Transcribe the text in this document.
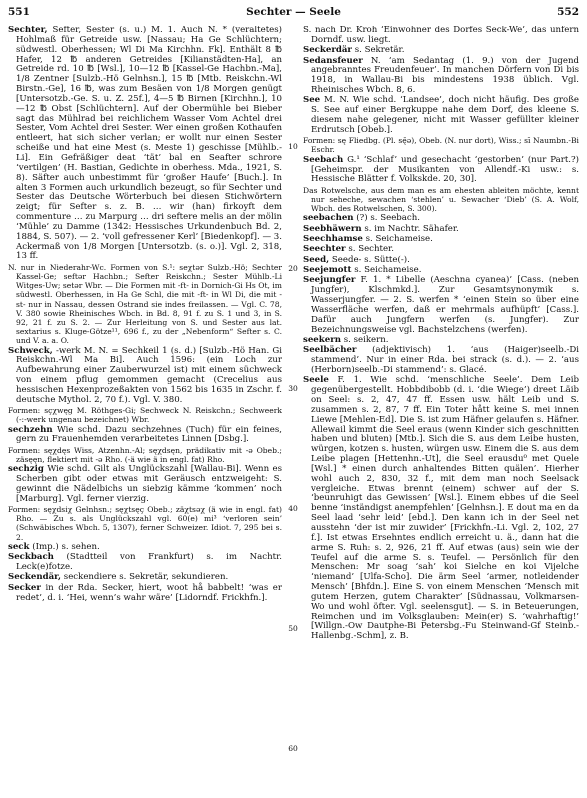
551	Sechter — Seele	552
Sechter, Sefter, Sester (s. u.) M. 1. Auch N. * (veraltetes) Hohlmaß für Getreide usw. [Nassau; Ha Ge Schlüchtern; südwestl. Oberhessen; Wl Di Ma Kirchhn. Fk]. Enthält 8 ℔ Hafer, 12 ℔ anderen Getreides [Kilianstädten-Ha], an Getreide rd. 10 ℔ [Wsl.], 10—12 ℔ [Kassel-Ge Hachbn.-Ma], 1/8 Zentner [Sulzb.-Hö Gelnhsn.], 15 ℔ [Mtb. Reiskchn.-Wl Birstn.-Ge], 16 ℔, was zum Besäen von 1/8 Morgen genügt [Untersotzb.-Ge. S. u. Z. 25f.], 4—5 ℔ Birnen [Kirchhn.], 10—12 ℔ Obst [Schlüchtern]. Auf der Obermühle bei Bieber sagt das Mühlrad bei reichlichem Wasser Vom Achtel drei Sester, Vom Achtel drei Sester. Wer einen großen Kothaufen entleert, hat sich sicher verlan; er wollt nur einen Sester scheiße und hat eine Mest (s. Meste 1) geschisse [Mühlb.-Li]. Ein Gefräßiger deat ‘tät’ bal en Seafter schrore ‘vertilgen’ (H. Bastian, Gedichte in oberhess. Mda., 1921, S. 8). Säfter auch unbestimmt für ‘großer Haufe’ [Buch.]. In alten 3 Formen auch urkundlich bezeugt, so für Sechter und Sester das Deutsche Wörterbuch bei diesen Stichwörtern zeigt; für Sefter s. z. B. … wir (han) firkoyft dem commenture … zu Marpurg … dri seftere melis an der mölin ‘Mühle’ zu Damme (1342: Hessisches Urkundenbuch Bd. 2, 1884, S. 507). — 2. ‘voll gefressener Kerl’ [Biedenkopf]. — 3. Ackermaß von 1/8 Morgen [Untersotzb. (s. o.)]. Vgl. 2, 318, 13 ff.
N. nur in Niederahr-Wc. Formen von S.¹: seχtər Sulzb.-Hö; Sechter Kassel-Ge; seftər Hachbn.; Sefter Reiskchn.; Sester Mühlb.-Li Witges-Uw; setər Wbr. — Die Formen mit -ft- in Dornich-Gi Hs Ot, im südwestl. Oberhessen, in Ha Ge Schl, die mit -ft- in Wl Di, die mit -st- nur in Nassau, dessen Ostrand sie indes freilassen. — Vgl. C. 78, V. 380 sowie Rheinisches Wbch. in Bd. 8, 91 f. zu S. 1 und 3, in S. 92, 21 f. zu S. 2. — Zur Herleitung von S. und Sester aus lat. sextarius s. Kluge-Götze¹¹, 696 f., zu der „Nebenform“ Sefter s. C. und V. a. a. O.
Schweck, -werk M. N. = Sechkeil 1 (s. d.) [Sulzb.-Hö Han. Gi Reiskchn.-Wl Ma Bi]. Auch 1596: (ein Loch zur Aufbewahrung einer Zauberwurzel ist) mit einem süchweck von einem pflug gemommen gemacht (Crecelius aus hessischen Hexenprozeßakten von 1562 bis 1635 in Zschr. f. deutsche Mythol. 2, 70 f.). Vgl. V. 380.
Formen: sçχwęg M. Röthges-Gi; Sechweck N. Reiskchn.; Sechweerk (-:-werk ungenau bezeichnet) Wbr.
sechzehn Wie schd. Dazu sechzehnes (Tuch) für ein feines, gern zu Frauenhemden verarbeitetes Linnen [Dsbg.].
Formen: sęχdęs Wiss, Atzenhn.-Al; sęχdsęn, prädikativ mit -ə Obeb.; zäsęęn, flektiert mit -ə Rho. (-ä wie ä in engl. fat) Rho.
sechzig Wie schd. Gilt als Unglückszahl [Wallau-Bi]. Wenn es Scherben gibt oder etwas mit Geräusch entzweigeht: S. gewinnt die Nädelbichs un siebzig kämme ‘kommen’ noch [Marburg]. Vgl. ferner vierzig.
Formen: sęχdsiχ Gelnhsn.; sęχtsęç Obeb.; zäχtsəχ (ä wie in engl. fat) Rho. — Zu s. als Unglückszahl vgl. 60(e) mi³ ‘verloren sein’ (Schwäbisches Wbch. 5, 1307), ferner Schweizer. Idiot. 7, 295 bei s. 2.
seck (Imp.) s. sehen.
Seckbach (Stadtteil von Frankfurt) s. im Nachtr. Leck(e)fotze.
Seckendär, seckendiere s. Sekretär, sekundieren.
Secker in der Rda. Secker, hiert, woot hå babbelt! ‘was er redet’, d. i. ‘Hei, wenn’s wahr wäre’ [Lidorndf. Frickhfn.].
10
20
30
40
50
60
S. nach Dr. Kroh ‘Einwohner des Dorfes Seck-We’, das unfern Dorndf. usw. liegt.
Seckerdär s. Sekretär.
Sedansfeuer N. ‘am Sedantag (1. 9.) von der Jugend angebranntes Freudenfeuer’. In manchen Dörfern von Di bis 1918, in Wallau-Bi bis mindestens 1938 üblich. Vgl. Rheinisches Wbch. 8, 6.
See M. N. Wie schd. ‘Landsee’, doch nicht häufig. Des große S. See auf einer Bergkuppe nahe dem Dorf, des kleene S. diesem nahe gelegener, nicht mit Wasser gefüllter kleiner Erdrutsch [Obeb.].
Formen: sę Fliedbg. (Pl. sę̄ə), Obeb. (N. nur dort), Wiss.; sī Naumbn.-Bi Eschr.
Seebach G.¹ ‘Schlaf’ und gesechacht ‘gestorben’ (nur Part.?) [Geheimspr. der Musikanten von Allendf.-Ki usw.: s. Hessische Blätter f. Volkskde. 20, 30].
Das Rotwelsche, aus dem man es am ehesten ableiten möchte, kennt nur seheche, sewachen ‘stehlen’ u. Sewacher ‘Dieb’ (S. A. Wolf, Wbch. des Rotwelschen, S. 300).
seebachen (?) s. Seebach.
Seebhäwern s. im Nachtr. Sähafer.
Seechhamse s. Seichameise.
Seechter s. Sechter.
Seed, Seede- s. Sütte(-).
Seejemott s. Seichameise.
Seejungfer F. 1. * Libelle (Aeschna cyanea)’ [Cass. (neben Jungfer), Klschmkd.]. Zur Gesamtsynonymik s. Wasserjungfer. — 2. S. werfen * ‘einen Stein so über eine Wasserfläche werfen, daß er mehrmals aufhüpft’ [Cass.]. Dafür auch Jungfern werfen (s. Jungfer). Zur Bezeichnungsweise vgl. Bachstelzchens (werfen).
seekern s. seikern.
Seelbächer (adjektivisch) 1. ‘aus (Haiger)seelb.-Di stammend’. Nur in einer Rda. bei strack (s. d.). — 2. ‘aus (Herborn)seelb.-Di stammend’: s. Glacé.
Seele F. 1. Wie schd. ‘menschliche Seele’. Dem Leib gegenübergestellt. Hobbdibobb (d. i. ‘die Wiege’) dreet Läib on Seel: s. 2, 47, 47 ff. Essen usw. hält Leib und S. zusammen s. 2, 87, 7 ff. Ein Toter hått keine S. mei innen Liewe [Mehlen-Ed]. Die S. ist zum Häfner gelaufen s. Häfner. Allewail kimmt die Seel eraus (wenn Kinder sich geschnitten haben und bluten) [Mtb.]. Sich die S. aus dem Leibe husten, würgen, kotzen s. husten, würgen usw. Einem die S. aus dem Leibe plagen [Hettenhn.-Ut], die Seel erausdu⁰ met Quele [Wsl.] * einen durch anhaltendes Bitten quälen’. Hierher wohl auch 2, 830, 32 f., mit dem man noch Seelsack vergleiche. Etwas brennt (einem) schwer auf der S. ‘beunruhigt das Gewissen’ [Wsl.]. Einem ebbes uf die Seel benne ‘inständigst anempfehlen’ [Gelnhsn.]. E dout ma en da Seel laad ‘sehr leid’ [ebd.]. Den kann ich in der Seel net ausstehn ‘der ist mir zuwider’ [Frickhfn.-Li. Vgl. 2, 102, 27 f.]. Ist etwas Ersehntes endlich erreicht u. ä., dann hat die arme S. Ruh: s. 2, 926, 21 ff. Auf etwas (aus) sein wie der Teufel auf die arme S. s. Teufel. — Persönlich für den Menschen: Mr soag ‘sah’ koi Sielche en koi Vijelche ‘niemand’ [Ulfa-Scho]. Die ärm Seel ‘armer, notleidender Mensch’ [Bhfdn.]. Eine S. von einem Menschen ‘Mensch mit gutem Herzen, gutem Charakter’ [Südnassau, Volkmarsen-Wo und wohl öfter. Vgl. seelensgut]. — S. in Beteuerungen, Reimchen und im Volksglauben: Mein(er) S. ‘wahrhaftig!’ [Willgn.-Ow Dautphe-Bi Petersbg.-Fu Steinwand-Gf Steinb.-Hallenbg.-Schm], z. B.
